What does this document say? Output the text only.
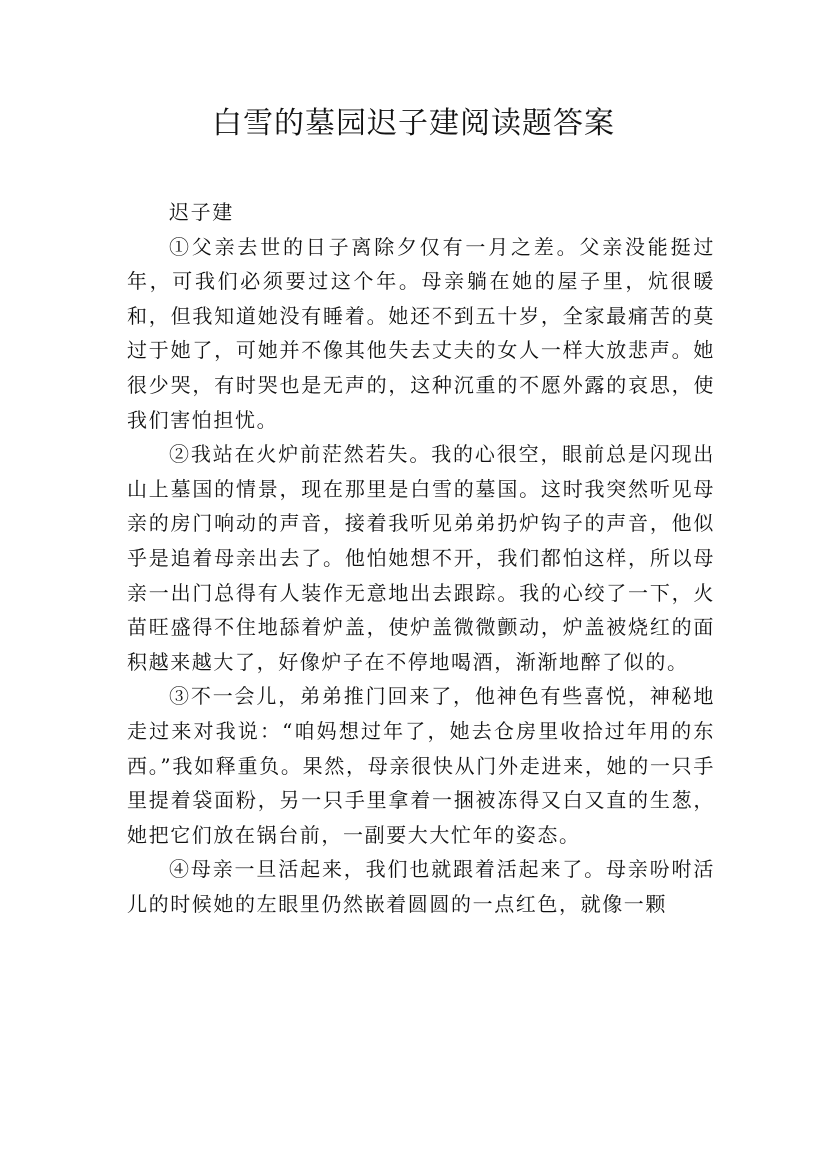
白雪的墓园迟子建阅读题答案

迟子建

①父亲去世的日子离除夕仅有一月之差。父亲没能挺过年，可我们必须要过这个年。母亲躺在她的屋子里，炕很暖和，但我知道她没有睡着。她还不到五十岁，全家最痛苦的莫过于她了，可她并不像其他失去丈夫的女人一样大放悲声。她很少哭，有时哭也是无声的，这种沉重的不愿外露的哀思，使我们害怕担忧。

②我站在火炉前茫然若失。我的心很空，眼前总是闪现出山上墓国的情景，现在那里是白雪的墓国。这时我突然听见母亲的房门响动的声音，接着我听见弟弟扔炉钩子的声音，他似乎是追着母亲出去了。他怕她想不开，我们都怕这样，所以母亲一出门总得有人装作无意地出去跟踪。我的心绞了一下，火苗旺盛得不住地舔着炉盖，使炉盖微微颤动，炉盖被烧红的面积越来越大了，好像炉子在不停地喝酒，渐渐地醉了似的。

③不一会儿，弟弟推门回来了，他神色有些喜悦，神秘地走过来对我说：“咱妈想过年了，她去仓房里收拾过年用的东西。”我如释重负。果然，母亲很快从门外走进来，她的一只手里提着袋面粉，另一只手里拿着一捆被冻得又白又直的生葱，她把它们放在锅台前，一副要大大忙年的姿态。

④母亲一旦活起来，我们也就跟着活起来了。母亲吩咐活儿的时候她的左眼里仍然嵌着圆圆的一点红色，就像一颗
